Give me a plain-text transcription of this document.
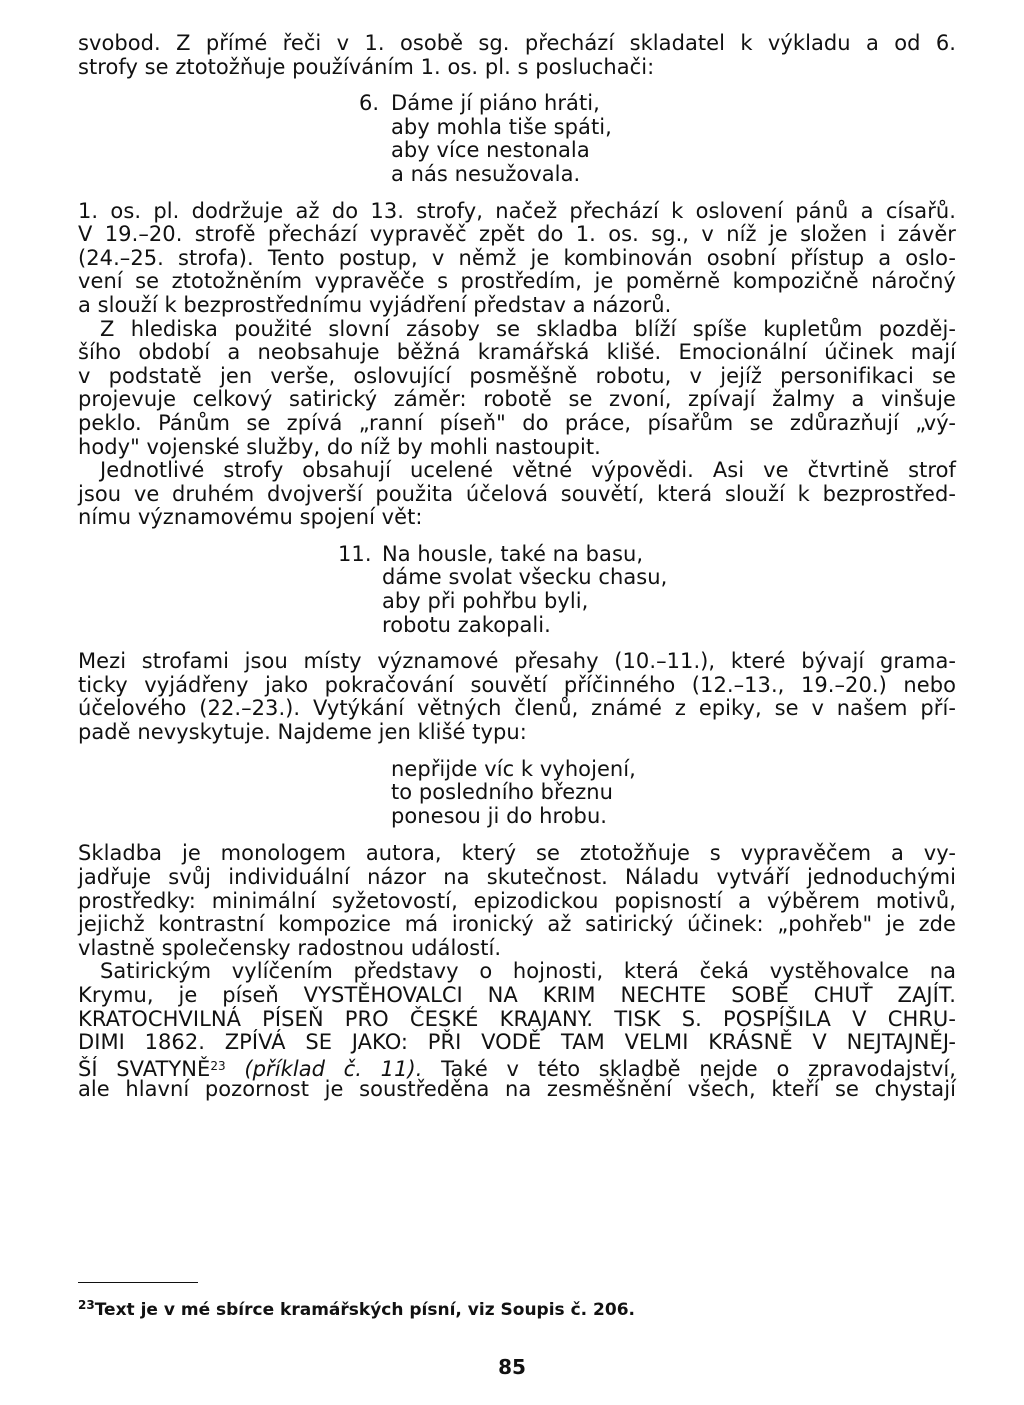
svobod. Z přímé řeči v 1. osobě sg. přechází skladatel k výkladu a od 6.
strofy se ztotožňuje používáním 1. os. pl. s posluchači:
6. Dáme jí piáno hráti,
aby mohla tiše spáti,
aby více nestonala
a nás nesužovala.
1. os. pl. dodržuje až do 13. strofy, načež přechází k oslovení pánů a císařů.
V 19.–20. strofě přechází vypravěč zpět do 1. os. sg., v níž je složen i závěr
(24.–25. strofa). Tento postup, v němž je kombinován osobní přístup a oslo-
vení se ztotožněním vypravěče s prostředím, je poměrně kompozičně náročný
a slouží k bezprostřednímu vyjádření představ a názorů.
Z hlediska použité slovní zásoby se skladba blíží spíše kupletům pozděj-
šího období a neobsahuje běžná kramářská klišé. Emocionální účinek mají
v podstatě jen verše, oslovující posměšně robotu, v jejíž personifikaci se
projevuje celkový satirický záměr: robotě se zvoní, zpívají žalmy a vinšuje
peklo. Pánům se zpívá „ranní píseň" do práce, písařům se zdůrazňují „vý-
hody" vojenské služby, do níž by mohli nastoupit.
Jednotlivé strofy obsahují ucelené větné výpovědi. Asi ve čtvrtině strof
jsou ve druhém dvojverší použita účelová souvětí, která slouží k bezprostřed-
nímu významovému spojení vět:
11. Na housle, také na basu,
dáme svolat všecku chasu,
aby při pohřbu byli,
robotu zakopali.
Mezi strofami jsou místy významové přesahy (10.–11.), které bývají grama-
ticky vyjádřeny jako pokračování souvětí příčinného (12.–13., 19.–20.) nebo
účelového (22.–23.). Vytýkání větných členů, známé z epiky, se v našem pří-
padě nevyskytuje. Najdeme jen klišé typu:
nepřijde víc k vyhojení,
to posledního březnu
ponesou ji do hrobu.
Skladba je monologem autora, který se ztotožňuje s vypravěčem a vy-
jadřuje svůj individuální názor na skutečnost. Náladu vytváří jednoduchými
prostředky: minimální syžetovostí, epizodickou popisností a výběrem motivů,
jejichž kontrastní kompozice má ironický až satirický účinek: „pohřeb" je zde
vlastně společensky radostnou událostí.
Satirickým vylíčením představy o hojnosti, která čeká vystěhovalce na
Krymu, je píseň VYSTĚHOVALCI NA KRIM NECHTE SOBĚ CHUŤ ZAJÍT.
KRATOCHVILNÁ PÍSEŇ PRO ČESKÉ KRAJANY. TISK S. POSPÍŠILA V CHRU-
DIMI 1862. ZPÍVÁ SE JAKO: PŘI VODĚ TAM VELMI KRÁSNĚ V NEJTAJNĚJ-
ŠÍ SVATYNĚ$^{23}$ (příklad č. 11). Také v této skladbě nejde o zpravodajství,
ale hlavní pozornost je soustředěna na zesměšnění všech, kteří se chystají
$^{23}$Text je v mé sbírce kramářských písní, viz Soupis č. 206.
85
